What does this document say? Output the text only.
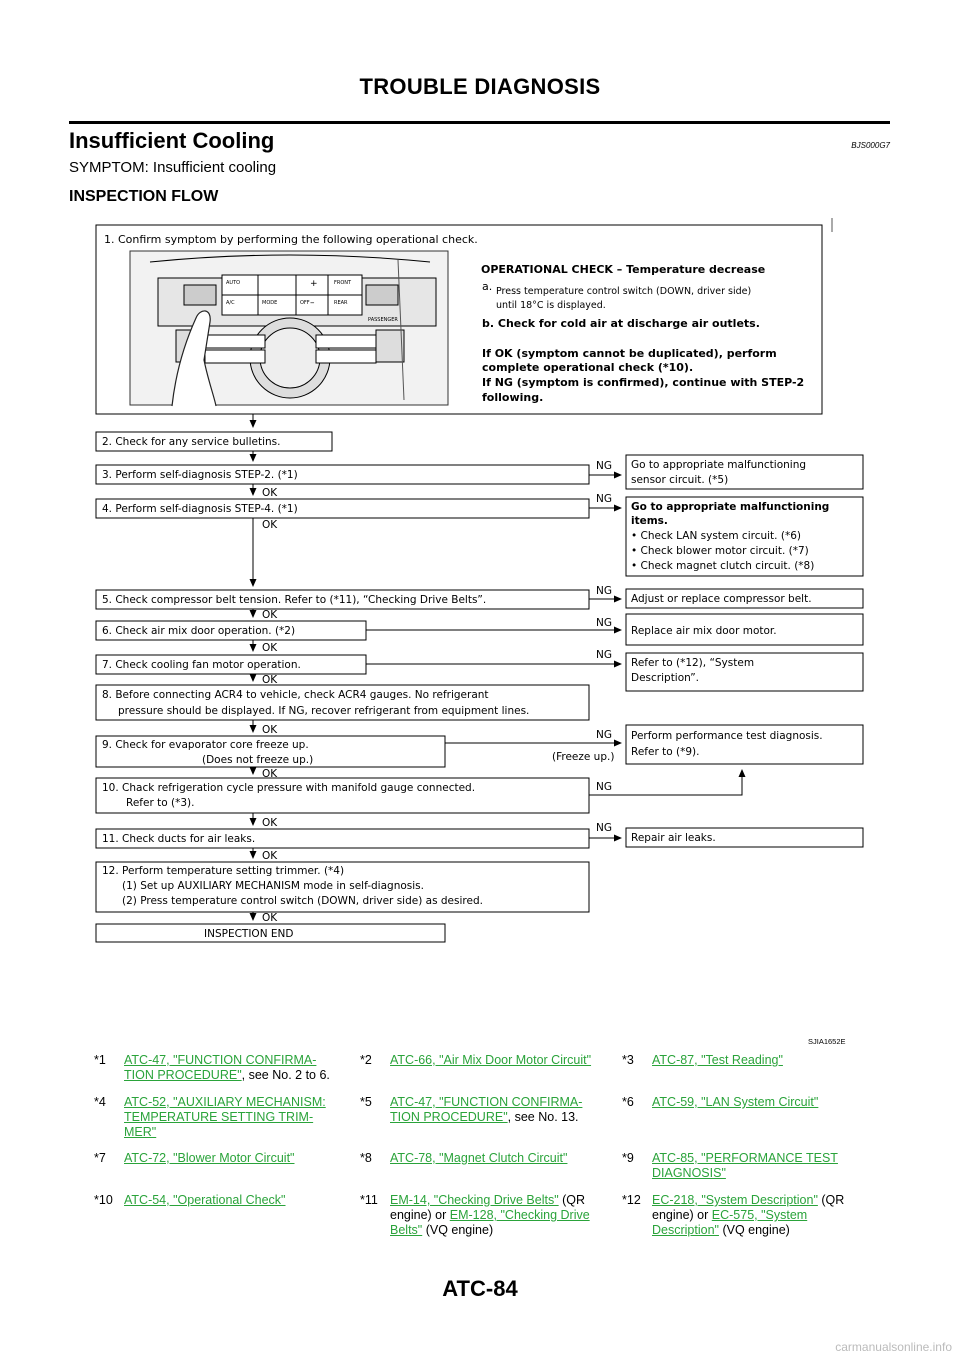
TROUBLE DIAGNOSIS
Insufficient Cooling	BJS000G7
SYMPTOM: Insufficient cooling
INSPECTION FLOW
AUTO
A/C	MODE	OFF
FRONT
REAR
PASSENGER
+
–
1. Confirm symptom by performing the following operational check.
OPERATIONAL CHECK – Temperature decrease
a. Press temperature control switch (DOWN, driver side)
until 18°C is displayed.
b. Check for cold air at discharge air outlets.
If OK (symptom cannot be duplicated), perform
complete operational check (*10).
If NG (symptom is confirmed), continue with STEP-2
following.
2. Check for any service bulletins.
3. Perform self-diagnosis STEP-2. (*1)
4. Perform self-diagnosis STEP-4. (*1)
5. Check compressor belt tension. Refer to (*11), “Checking Drive Belts”.
6. Check air mix door operation. (*2)
7. Check cooling fan motor operation.
8. Before connecting ACR4 to vehicle, check ACR4 gauges. No refrigerant
pressure should be displayed. If NG, recover refrigerant from equipment lines.
9. Check for evaporator core freeze up.
(Does not freeze up.)
10. Chack refrigeration cycle pressure with manifold gauge connected.
Refer to (*3).
11. Check ducts for air leaks.
12. Perform temperature setting trimmer. (*4)
(1) Set up AUXILIARY MECHANISM mode in self-diagnosis.
(2) Press temperature control switch (DOWN, driver side) as desired.
INSPECTION END
Go to appropriate malfunctioning
sensor circuit. (*5)
Go to appropriate malfunctioning
items.
• Check LAN system circuit. (*6)
• Check blower motor circuit. (*7)
• Check magnet clutch circuit. (*8)
Adjust or replace compressor belt.
Replace air mix door motor.
Refer to (*12), “System
Description”.
Perform performance test diagnosis.
Refer to (*9).
Repair air leaks.
OK
OK
OK
OK
OK
OK
OK
OK
OK
OK
NG
NG
NG
NG
NG
NG
(Freeze up.)
NG
NG
SJIA1652E
*1 ATC-47, "FUNCTION CONFIRMA-
TION PROCEDURE", see No. 2 to 6.
*2 ATC-66, "Air Mix Door Motor Circuit" *3 ATC-87, "Test Reading"
*4 ATC-52, "AUXILIARY MECHANISM:
TEMPERATURE SETTING TRIM-
MER"
*5 ATC-47, "FUNCTION CONFIRMA-
TION PROCEDURE", see No. 13.
*6 ATC-59, "LAN System Circuit"
*7 ATC-72, "Blower Motor Circuit"	*8 ATC-78, "Magnet Clutch Circuit"	*9 ATC-85, "PERFORMANCE TEST
DIAGNOSIS"
*10 ATC-54, "Operational Check"	*11 EM-14, "Checking Drive Belts" (QR
engine) or EM-128, "Checking Drive
Belts" (VQ engine)
*12 EC-218, "System Description" (QR
engine) or EC-575, "System
Description" (VQ engine)
ATC-84
carmanualsonline.info
